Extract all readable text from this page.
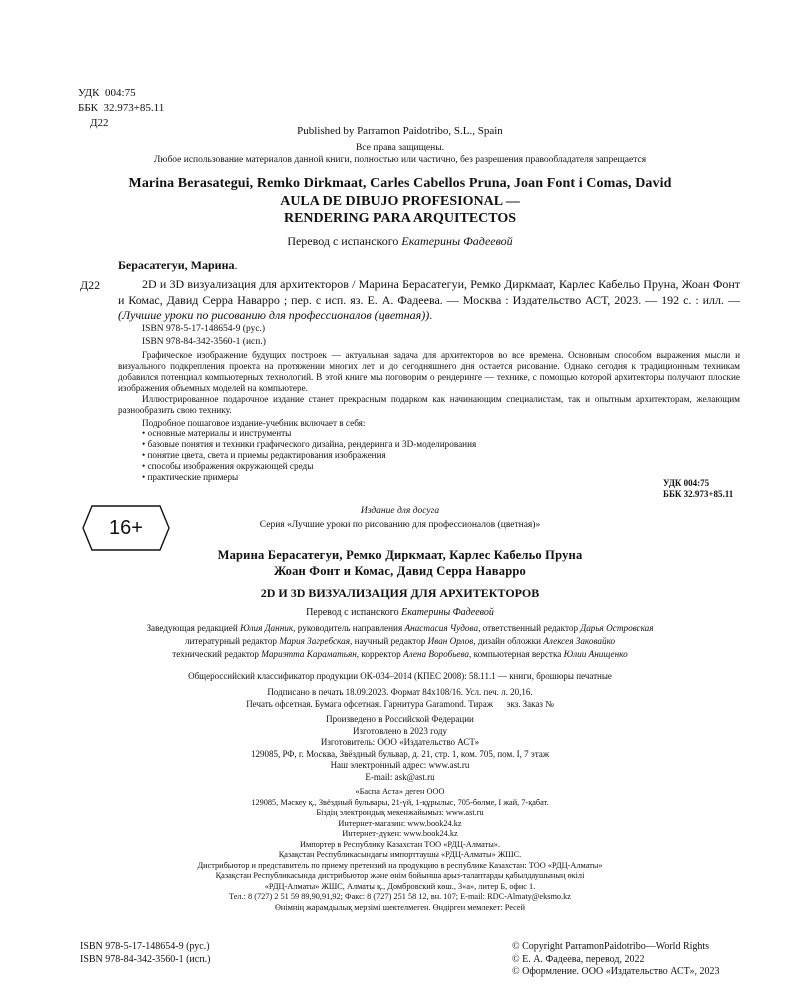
УДК  004:75
ББК  32.973+85.11
Д22
Published by Parramon Paidotribo, S.L., Spain
Все права защищены.
Любое использование материалов данной книги, полностью или частично, без разрешения правообладателя запрещается
Marina Berasategui, Remko Dirkmaat, Carles Cabellos Pruna, Joan Font i Comas, David
AULA DE DIBUJO PROFESIONAL —
RENDERING PARA ARQUITECTOS
Перевод с испанского Екатерины Фадеевой
Берасатегуи, Марина.
Д22	2D и 3D визуализация для архитекторов / Марина Берасатегуи, Ремко Диркмаат, Карлес Кабельо Пруна, Жоан Фонт и Комас, Давид Серра Наварро ; пер. с исп. яз. Е. А. Фадеева. — Москва : Издательство АСТ, 2023. — 192 с. : илл. — (Лучшие уроки по рисованию для профессионалов (цветная)).
ISBN 978-5-17-148654-9 (рус.)
ISBN 978-84-342-3560-1 (исп.)

Графическое изображение будущих построек — актуальная задача для архитекторов во все времена. Основным способом выражения мысли и визуального подкрепления проекта на протяжении многих лет и до сегодняшнего дня остается рисование. Однако сегодня к традиционным техникам добавился потенциал компьютерных технологий. В этой книге мы поговорим о рендеринге — технике, с помощью которой архитекторы получают плоские изображения объемных моделей на компьютере.

Иллюстрированное подарочное издание станет прекрасным подарком как начинающим специалистам, так и опытным архитекторам, желающим разнообразить свою технику.

Подробное пошаговое издание-учебник включает в себя:
• основные материалы и инструменты
• базовые понятия и техники графического дизайна, рендеринга и 3D-моделирования
• понятие цвета, света и приемы редактирования изображения
• способы изображения окружающей среды
• практические примеры
УДК 004:75
ББК 32.973+85.11
16+
Издание для досуга
Серия «Лучшие уроки по рисованию для профессионалов (цветная)»
Марина Берасатегуи, Ремко Диркмаат, Карлес Кабельо Пруна
Жоан Фонт и Комас, Давид Серра Наварро
2D И 3D ВИЗУАЛИЗАЦИЯ ДЛЯ АРХИТЕКТОРОВ
Перевод с испанского Екатерины Фадеевой
Заведующая редакцией Юлия Данник, руководитель направления Анастасия Чудова, ответственный редактор Дарья Островская
литературный редактор Мария Загребская, научный редактор Иван Орлов, дизайн обложки Алексея Заковайко
технический редактор Мариэтта Караматьян, корректор Алена Воробьева, компьютерная верстка Юлии Анищенко
Общероссийский классификатор продукции ОК-034–2014 (КПЕС 2008): 58.11.1 — книги, брошюры печатные
Подписано в печать 18.09.2023. Формат 84x108/16. Усл. печ. л. 20,16.
Печать офсетная. Бумага офсетная. Гарнитура Garamond. Тираж      экз. Заказ №
Произведено в Российской Федерации
Изготовлено в 2023 году
Изготовитель: ООО «Издательство АСТ»
129085, РФ, г. Москва, Звёздный бульвар, д. 21, стр. 1, ком. 705, пом. I, 7 этаж
Наш электронный адрес: www.ast.ru
E-mail: ask@ast.ru
«Баспа Аста» деген ООО
129085, Мәскеу қ., Звёздный бульвары, 21-үй, 1-құрылыс, 705-бөлме, I жай, 7-қабат.
Біздің электрондық мекенжайымыз: www.ast.ru
Интернет-магазин: www.book24.kz
Интернет-дүкен: www.book24.kz
Импортер в Республику Казахстан ТОО «РДЦ-Алматы».
Қазақстан Республикасындағы импорттаушы «РДЦ-Алматы» ЖШС.
Дистрибьютор и представитель по приему претензий на продукцию в республике Казахстан: ТОО «РДЦ-Алматы»
Қазақстан Республикасында дистрибьютор және өнім бойынша арыз-талаптарды қабылдаушының өкілі
«РДЦ-Алматы» ЖШС, Алматы қ., Домбровский көш., 3«а», литер Б, офис 1.
Тел.: 8 (727) 2 51 59 89,90,91,92; Факс: 8 (727) 251 58 12, вн. 107; E-mail: RDC-Almaty@eksmo.kz
Өнімнің жарамдылық мерзімі шектелмеген. Өндірген мемлекет: Ресей
ISBN 978-5-17-148654-9 (рус.)
ISBN 978-84-342-3560-1 (исп.)
© Copyright ParramonPaidotribo—World Rights
© Е. А. Фадеева, перевод, 2022
© Оформление. ООО «Издательство АСТ», 2023
